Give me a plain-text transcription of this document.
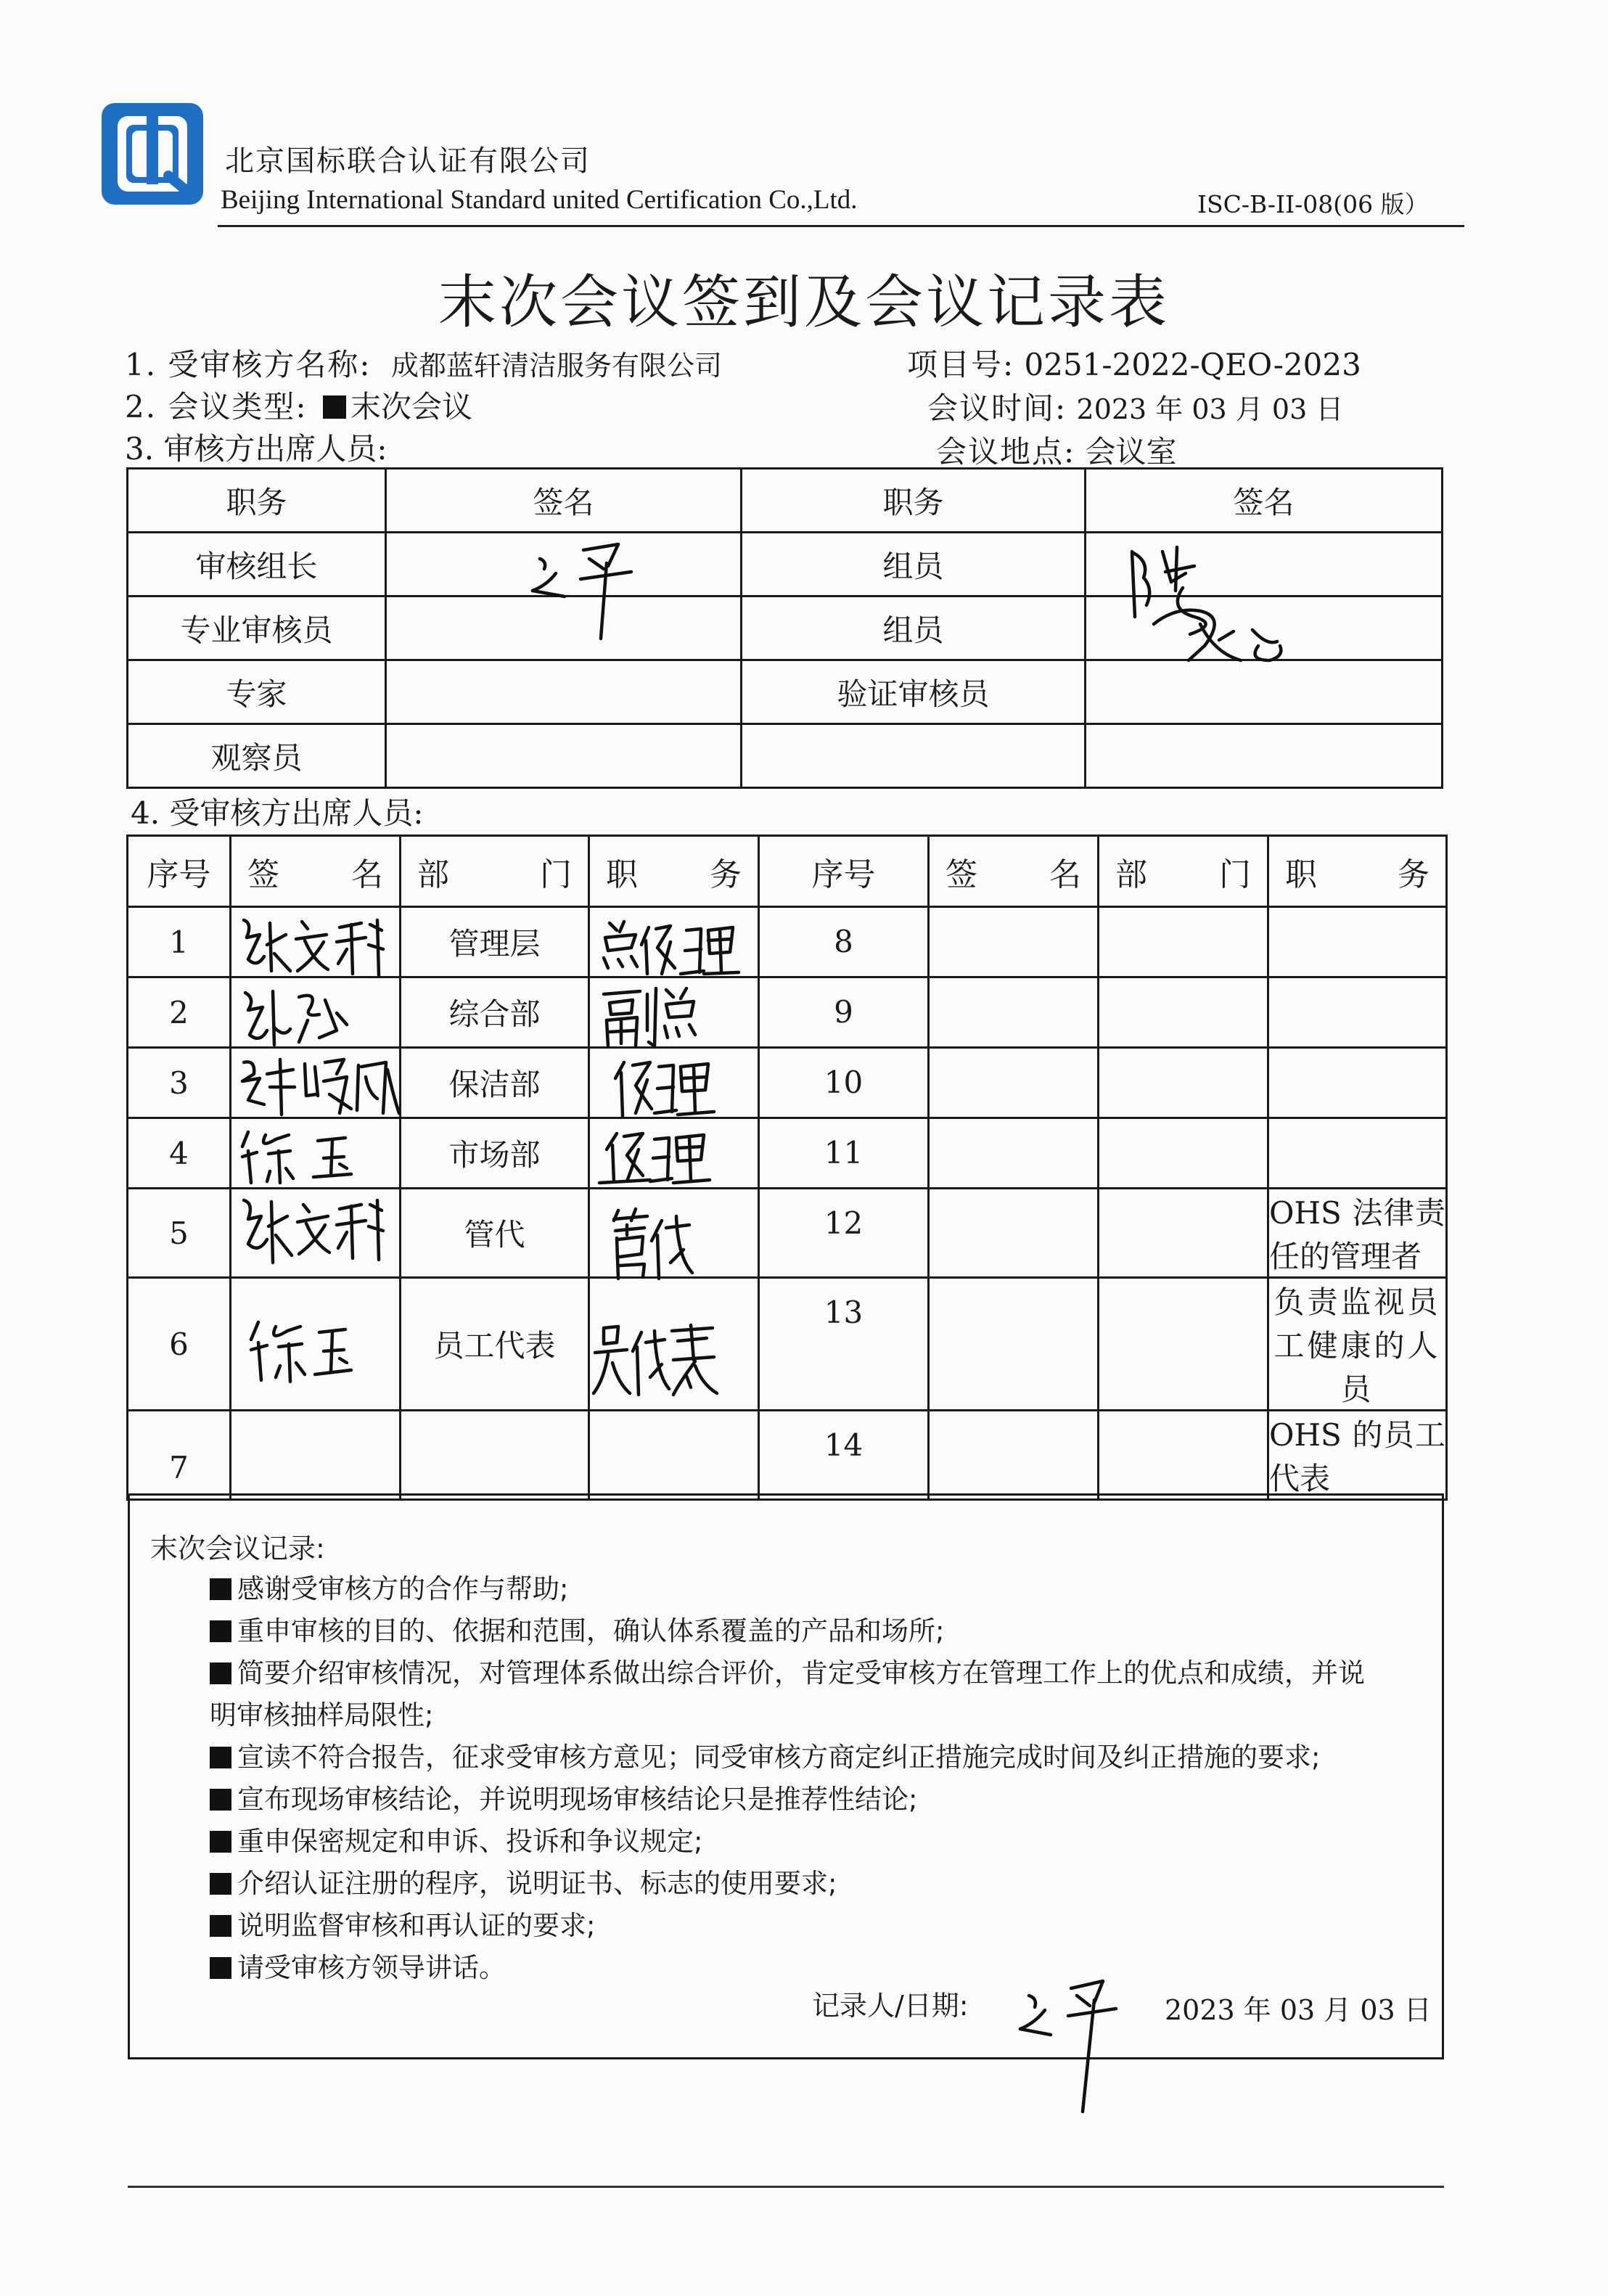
北京国标联合认证有限公司
Beijing International Standard united Certification Co.,Ltd.	ISC-B-II-08(06 版）
末次会议签到及会议记录表
1. 受审核方名称: 成都蓝轩清洁服务有限公司	项目号: 0251-2022-QEO-2023
2. 会议类型: 末次会议	会议时间: 2023 年 03 月 03 日
3. 审核方出席人员:	会议地点: 会议室
职务	签名	职务	签名
审核组长		组员	
专业审核员		组员	
专家		验证审核员	
观察员			
4. 受审核方出席人员:
序号	签 名	部 门	职 务	序号	签 名	部 门	职 务
1		管理层		8			
2		综合部		9			
3		保洁部		10			
4		市场部		11			
5		管代		12			OHS 法律责任的管理者
6		员工代表		13			负责监视员工健康的人员
7				14			OHS 的员工代表
末次会议记录:
感谢受审核方的合作与帮助;
重申审核的目的、依据和范围，确认体系覆盖的产品和场所;
简要介绍审核情况，对管理体系做出综合评价，肯定受审核方在管理工作上的优点和成绩，并说
明审核抽样局限性;
宣读不符合报告，征求受审核方意见；同受审核方商定纠正措施完成时间及纠正措施的要求;
宣布现场审核结论，并说明现场审核结论只是推荐性结论;
重申保密规定和申诉、投诉和争议规定;
介绍认证注册的程序，说明证书、标志的使用要求;
说明监督审核和再认证的要求;
请受审核方领导讲话。
记录人/日期:	2023 年 03 月 03 日
